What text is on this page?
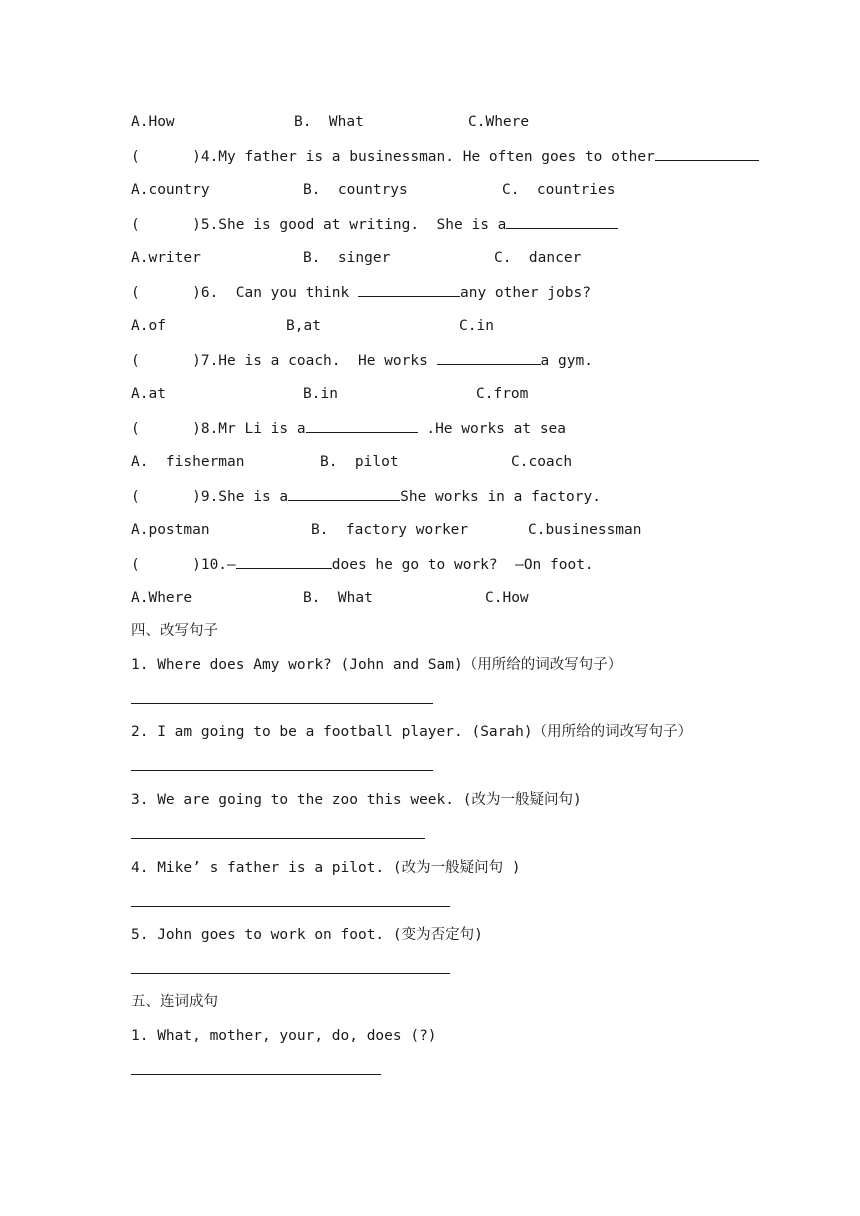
A.How	B.  What	C.Where
(      )4.My father is a businessman. He often goes to other
A.country	B.  countrys	C.  countries
(      )5.She is good at writing.  She is a
A.writer	B.  singer	C.  dancer
(      )6.  Can you think	any other jobs?
A.of	B,at	C.in
(      )7.He is a coach.  He works	a gym.
A.at	B.in	C.from
(      )8.Mr Li is a	.He works at sea
A.  fisherman	B.  pilot	C.coach
(      )9.She is a	She works in a factory.
A.postman	B.  factory worker	C.businessman
(      )10.—	does he go to work?  —On foot.
A.Where	B.  What	C.How
四、改写句子
1. Where does Amy work? (John and Sam)（用所给的词改写句子）
2. I am going to be a football player. (Sarah)（用所给的词改写句子）
3. We are going to the zoo this week. (改为一般疑问句)
4. Mike’ s father is a pilot. (改为一般疑问句 )
5. John goes to work on foot. (变为否定句)
五、连词成句
1. What, mother, your, do, does (?)
